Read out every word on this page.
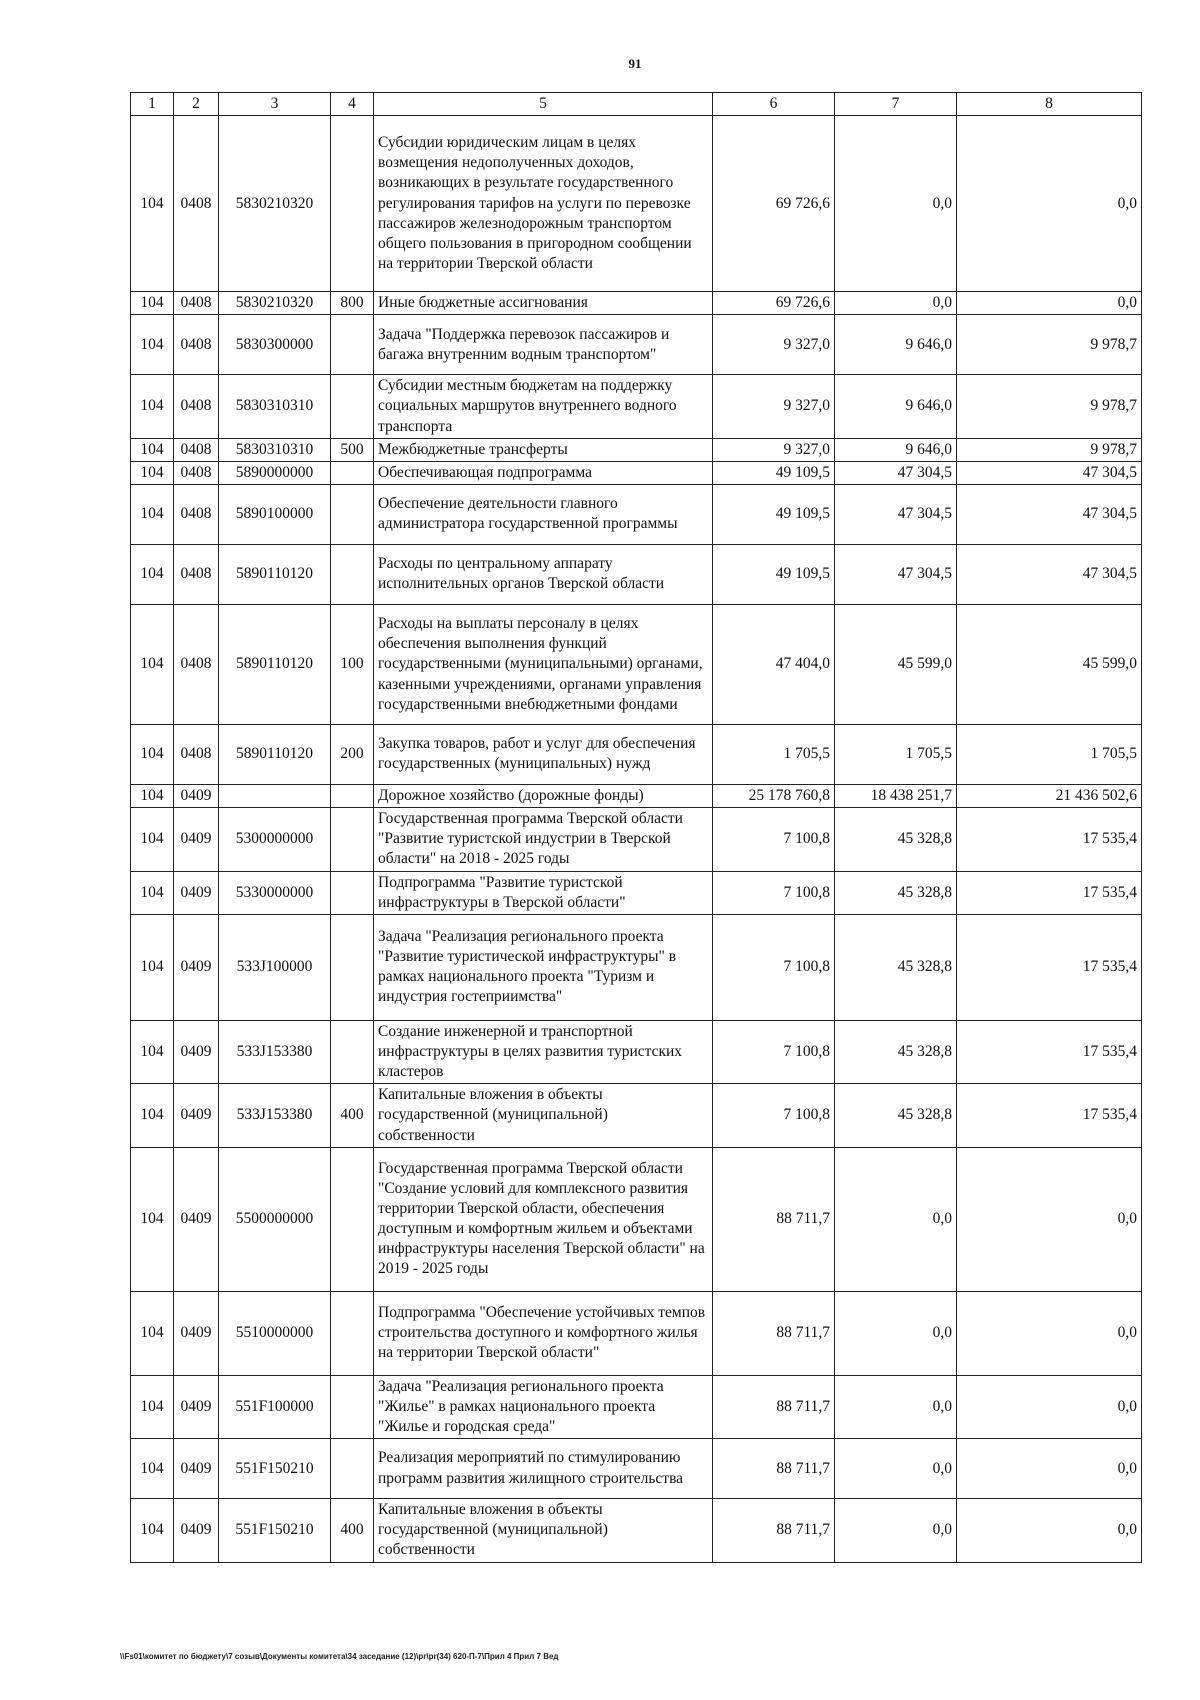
91
1	2	3	4	5	6	7	8
104	0408	5830210320		Субсидии юридическим лицам в целях возмещения недополученных доходов, возникающих в результате государственного регулирования тарифов на услуги по перевозке пассажиров железнодорожным транспортом общего пользования в пригородном сообщении на территории Тверской области	69 726,6	0,0	0,0
104	0408	5830210320	800	Иные бюджетные ассигнования	69 726,6	0,0	0,0
104	0408	5830300000		Задача "Поддержка перевозок пассажиров и багажа внутренним водным транспортом"	9 327,0	9 646,0	9 978,7
104	0408	5830310310		Субсидии местным бюджетам на поддержку социальных маршрутов внутреннего водного транспорта	9 327,0	9 646,0	9 978,7
104	0408	5830310310	500	Межбюджетные трансферты	9 327,0	9 646,0	9 978,7
104	0408	5890000000		Обеспечивающая подпрограмма	49 109,5	47 304,5	47 304,5
104	0408	5890100000		Обеспечение деятельности главного администратора государственной программы	49 109,5	47 304,5	47 304,5
104	0408	5890110120		Расходы по центральному аппарату исполнительных органов Тверской области	49 109,5	47 304,5	47 304,5
104	0408	5890110120	100	Расходы на выплаты персоналу в целях обеспечения выполнения функций государственными (муниципальными) органами, казенными учреждениями, органами управления государственными внебюджетными фондами	47 404,0	45 599,0	45 599,0
104	0408	5890110120	200	Закупка товаров, работ и услуг для обеспечения государственных (муниципальных) нужд	1 705,5	1 705,5	1 705,5
104	0409			Дорожное хозяйство (дорожные фонды)	25 178 760,8	18 438 251,7	21 436 502,6
104	0409	5300000000		Государственная программа Тверской области "Развитие туристской индустрии в Тверской области" на 2018 - 2025 годы	7 100,8	45 328,8	17 535,4
104	0409	5330000000		Подпрограмма "Развитие туристской инфраструктуры в Тверской области"	7 100,8	45 328,8	17 535,4
104	0409	533J100000		Задача "Реализация регионального проекта "Развитие туристической инфраструктуры" в рамках национального проекта "Туризм и индустрия гостеприимства"	7 100,8	45 328,8	17 535,4
104	0409	533J153380		Создание инженерной и транспортной инфраструктуры в целях развития туристских кластеров	7 100,8	45 328,8	17 535,4
104	0409	533J153380	400	Капитальные вложения в объекты государственной (муниципальной) собственности	7 100,8	45 328,8	17 535,4
104	0409	5500000000		Государственная программа Тверской области "Создание условий для комплексного развития территории Тверской области, обеспечения доступным и комфортным жильем и объектами инфраструктуры населения Тверской области" на 2019 - 2025 годы	88 711,7	0,0	0,0
104	0409	5510000000		Подпрограмма "Обеспечение устойчивых темпов строительства доступного и комфортного жилья на территории Тверской области"	88 711,7	0,0	0,0
104	0409	551F100000		Задача "Реализация регионального проекта "Жилье" в рамках национального проекта "Жилье и городская среда"	88 711,7	0,0	0,0
104	0409	551F150210		Реализация мероприятий по стимулированию программ развития жилищного строительства	88 711,7	0,0	0,0
104	0409	551F150210	400	Капитальные вложения в объекты государственной (муниципальной) собственности	88 711,7	0,0	0,0
\\Fs01\комитет по бюджету\7 созыв\Документы комитета\34 заседание (12)\pr\pr(34) 620-П-7\Прил 4 Прил 7 Вед
